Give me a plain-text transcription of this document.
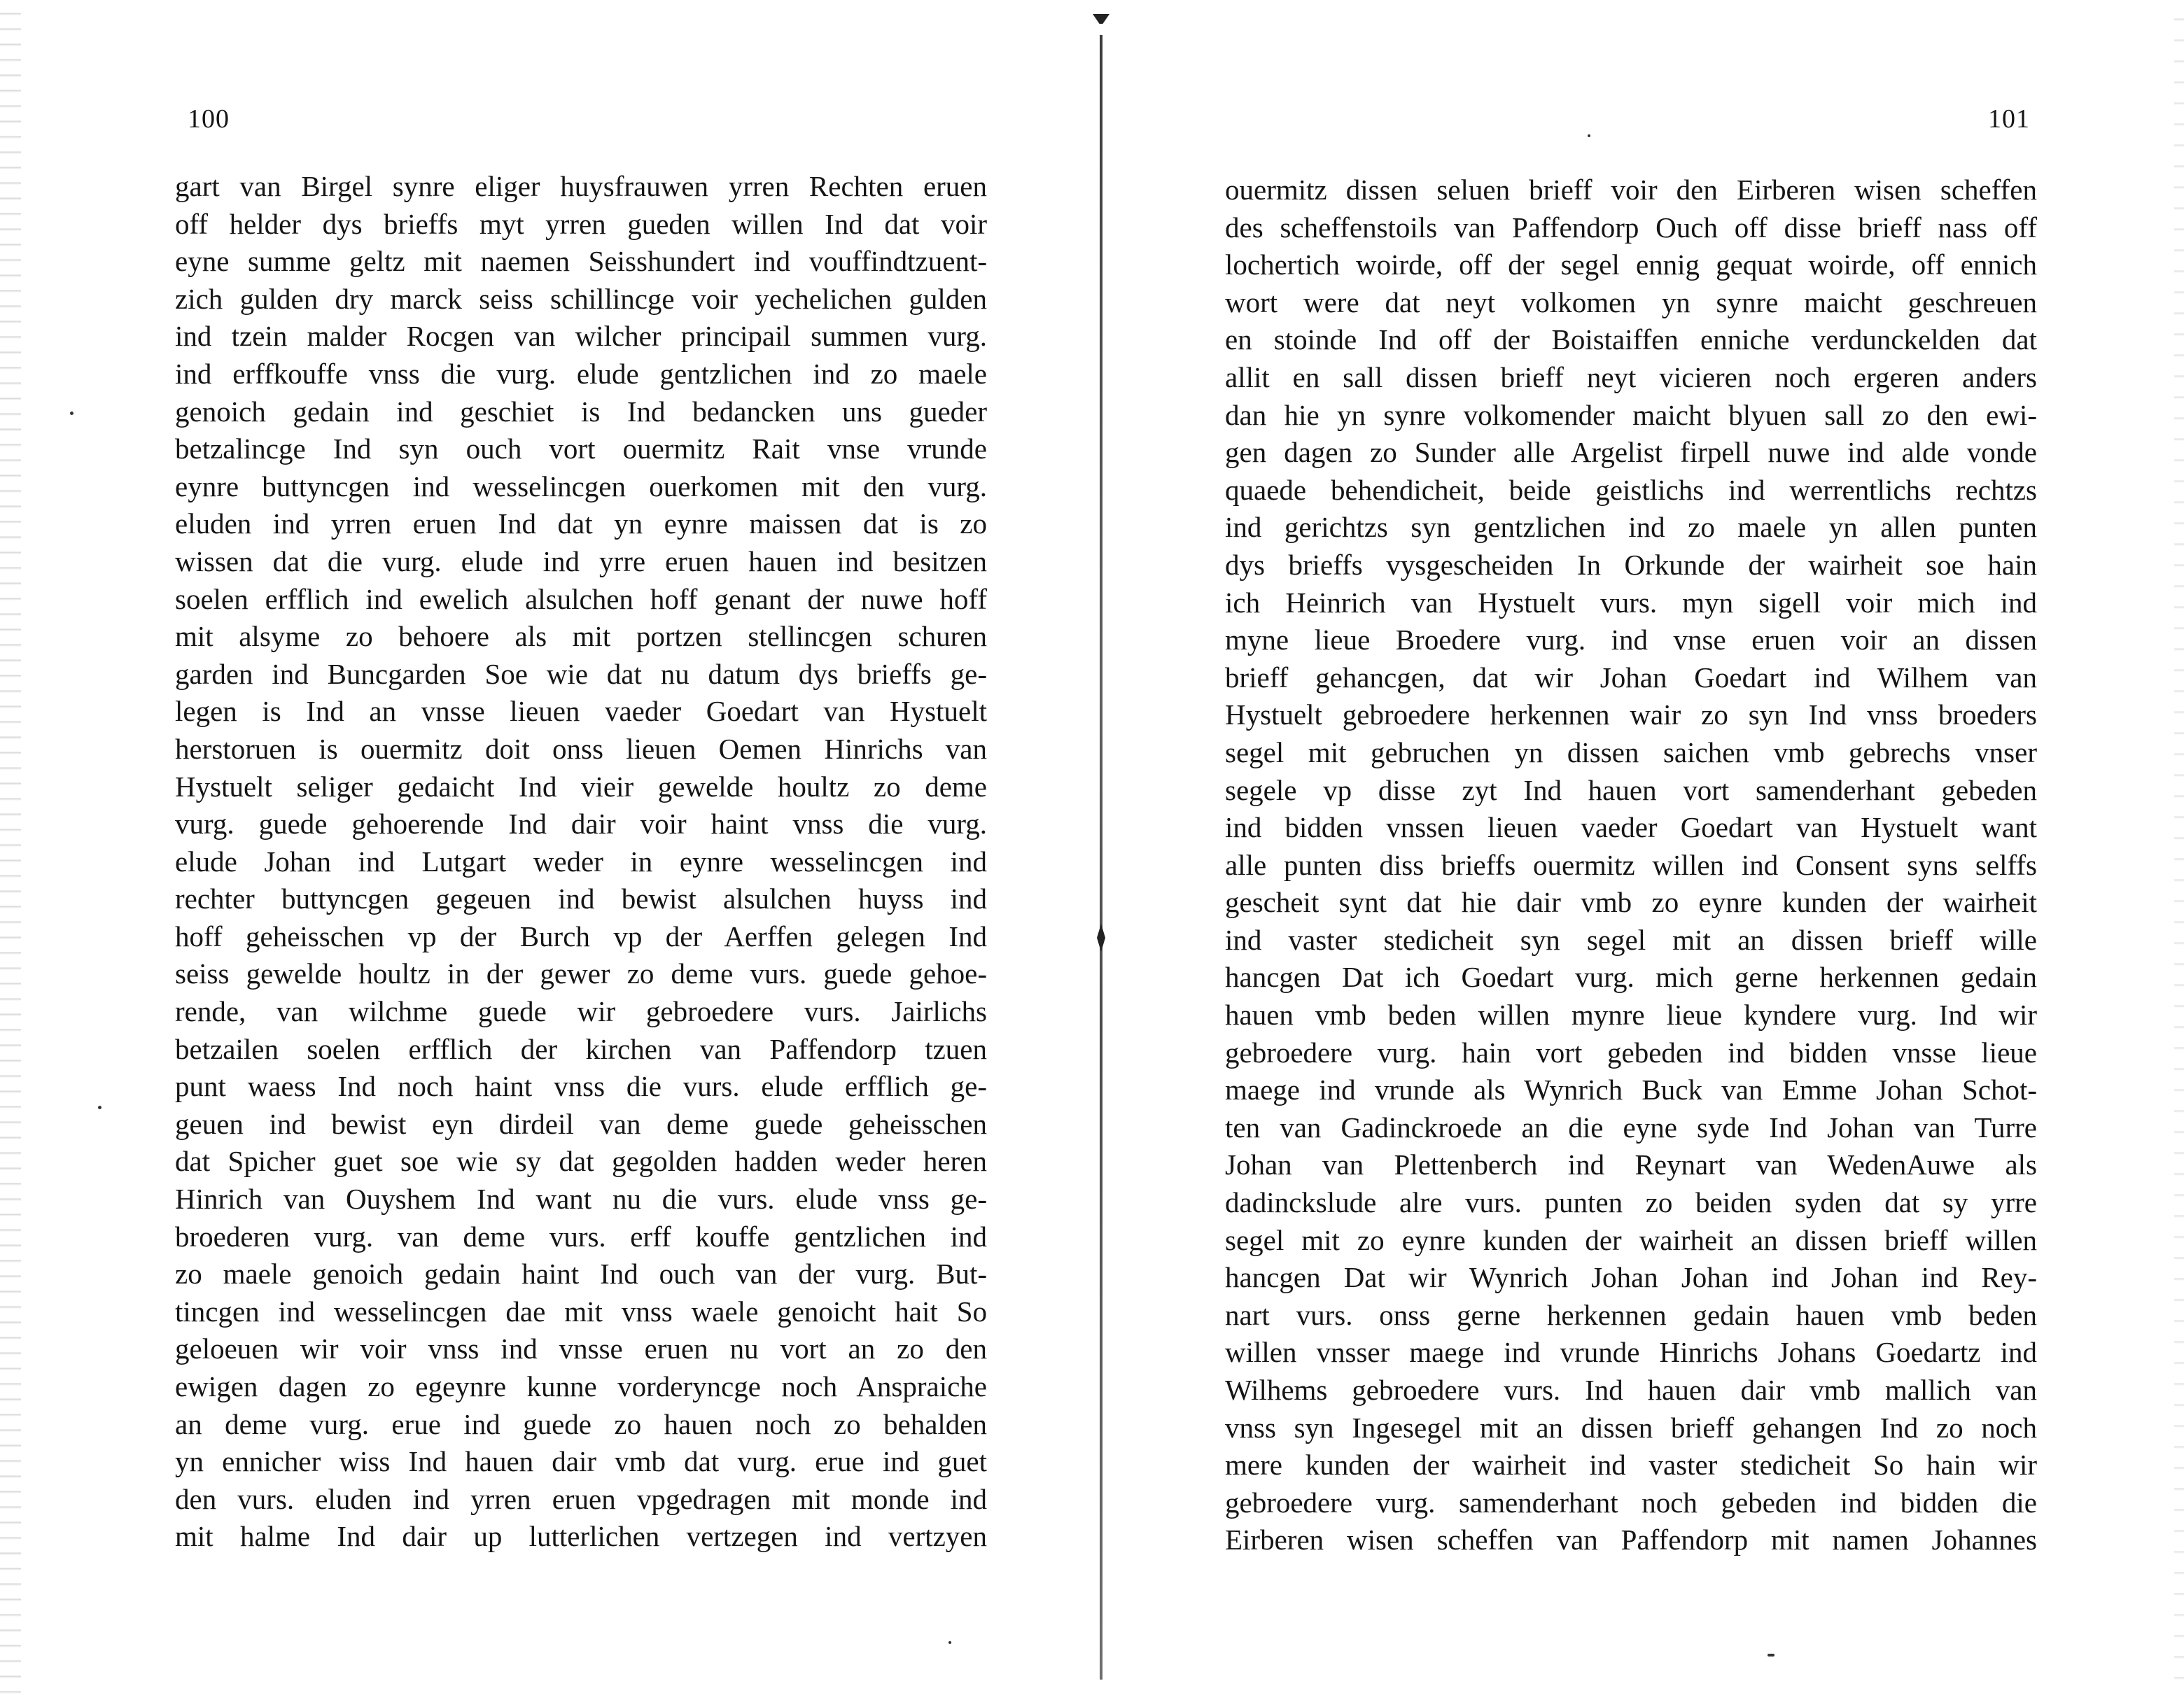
100
gart van Birgel synre eliger huysfrauwen yrren Rechten eruen
off helder dys brieffs myt yrren gueden willen Ind dat voir
eyne summe geltz mit naemen Seisshundert ind vouffindtzuent-
zich gulden dry marck seiss schillincge voir yechelichen gulden
ind tzein malder Rocgen van wilcher principail summen vurg.
ind erffkouffe vnss die vurg. elude gentzlichen ind zo maele
genoich gedain ind geschiet is Ind bedancken uns gueder
betzalincge Ind syn ouch vort ouermitz Rait vnse vrunde
eynre buttyncgen ind wesselincgen ouerkomen mit den vurg.
eluden ind yrren eruen Ind dat yn eynre maissen dat is zo
wissen dat die vurg. elude ind yrre eruen hauen ind besitzen
soelen erfflich ind ewelich alsulchen hoff genant der nuwe hoff
mit alsyme zo behoere als mit portzen stellincgen schuren
garden ind Buncgarden Soe wie dat nu datum dys brieffs ge-
legen is Ind an vnsse lieuen vaeder Goedart van Hystuelt
herstoruen is ouermitz doit onss lieuen Oemen Hinrichs van
Hystuelt seliger gedaicht Ind vieir gewelde houltz zo deme
vurg. guede gehoerende Ind dair voir haint vnss die vurg.
elude Johan ind Lutgart weder in eynre wesselincgen ind
rechter buttyncgen gegeuen ind bewist alsulchen huyss ind
hoff geheisschen vp der Burch vp der Aerffen gelegen Ind
seiss gewelde houltz in der gewer zo deme vurs. guede gehoe-
rende, van wilchme guede wir gebroedere vurs. Jairlichs
betzailen soelen erfflich der kirchen van Paffendorp tzuen
punt waess Ind noch haint vnss die vurs. elude erfflich ge-
geuen ind bewist eyn dirdeil van deme guede geheisschen
dat Spicher guet soe wie sy dat gegolden hadden weder heren
Hinrich van Ouyshem Ind want nu die vurs. elude vnss ge-
broederen vurg. van deme vurs. erff kouffe gentzlichen ind
zo maele genoich gedain haint Ind ouch van der vurg. But-
tincgen ind wesselincgen dae mit vnss waele genoicht hait So
geloeuen wir voir vnss ind vnsse eruen nu vort an zo den
ewigen dagen zo egeynre kunne vorderyncge noch Anspraiche
an deme vurg. erue ind guede zo hauen noch zo behalden
yn ennicher wiss Ind hauen dair vmb dat vurg. erue ind guet
den vurs. eluden ind yrren eruen vpgedragen mit monde ind
mit halme Ind dair up lutterlichen vertzegen ind vertzyen
101
ouermitz dissen seluen brieff voir den Eirberen wisen scheffen
des scheffenstoils van Paffendorp Ouch off disse brieff nass off
lochertich woirde, off der segel ennig gequat woirde, off ennich
wort were dat neyt volkomen yn synre maicht geschreuen
en stoinde Ind off der Boistaiffen enniche verdunckelden dat
allit en sall dissen brieff neyt vicieren noch ergeren anders
dan hie yn synre volkomender maicht blyuen sall zo den ewi-
gen dagen zo Sunder alle Argelist firpell nuwe ind alde vonde
quaede behendicheit, beide geistlichs ind werrentlichs rechtzs
ind gerichtzs syn gentzlichen ind zo maele yn allen punten
dys brieffs vysgescheiden In Orkunde der wairheit soe hain
ich Heinrich van Hystuelt vurs. myn sigell voir mich ind
myne lieue Broedere vurg. ind vnse eruen voir an dissen
brieff gehancgen, dat wir Johan Goedart ind Wilhem van
Hystuelt gebroedere herkennen wair zo syn Ind vnss broeders
segel mit gebruchen yn dissen saichen vmb gebrechs vnser
segele vp disse zyt Ind hauen vort samenderhant gebeden
ind bidden vnssen lieuen vaeder Goedart van Hystuelt want
alle punten diss brieffs ouermitz willen ind Consent syns selffs
gescheit synt dat hie dair vmb zo eynre kunden der wairheit
ind vaster stedicheit syn segel mit an dissen brieff wille
hancgen Dat ich Goedart vurg. mich gerne herkennen gedain
hauen vmb beden willen mynre lieue kyndere vurg. Ind wir
gebroedere vurg. hain vort gebeden ind bidden vnsse lieue
maege ind vrunde als Wynrich Buck van Emme Johan Schot-
ten van Gadinckroede an die eyne syde Ind Johan van Turre
Johan van Plettenberch ind Reynart van WedenAuwe als
dadinckslude alre vurs. punten zo beiden syden dat sy yrre
segel mit zo eynre kunden der wairheit an dissen brieff willen
hancgen Dat wir Wynrich Johan Johan ind Johan ind Rey-
nart vurs. onss gerne herkennen gedain hauen vmb beden
willen vnsser maege ind vrunde Hinrichs Johans Goedartz ind
Wilhems gebroedere vurs. Ind hauen dair vmb mallich van
vnss syn Ingesegel mit an dissen brieff gehangen Ind zo noch
mere kunden der wairheit ind vaster stedicheit So hain wir
gebroedere vurg. samenderhant noch gebeden ind bidden die
Eirberen wisen scheffen van Paffendorp mit namen Johannes
